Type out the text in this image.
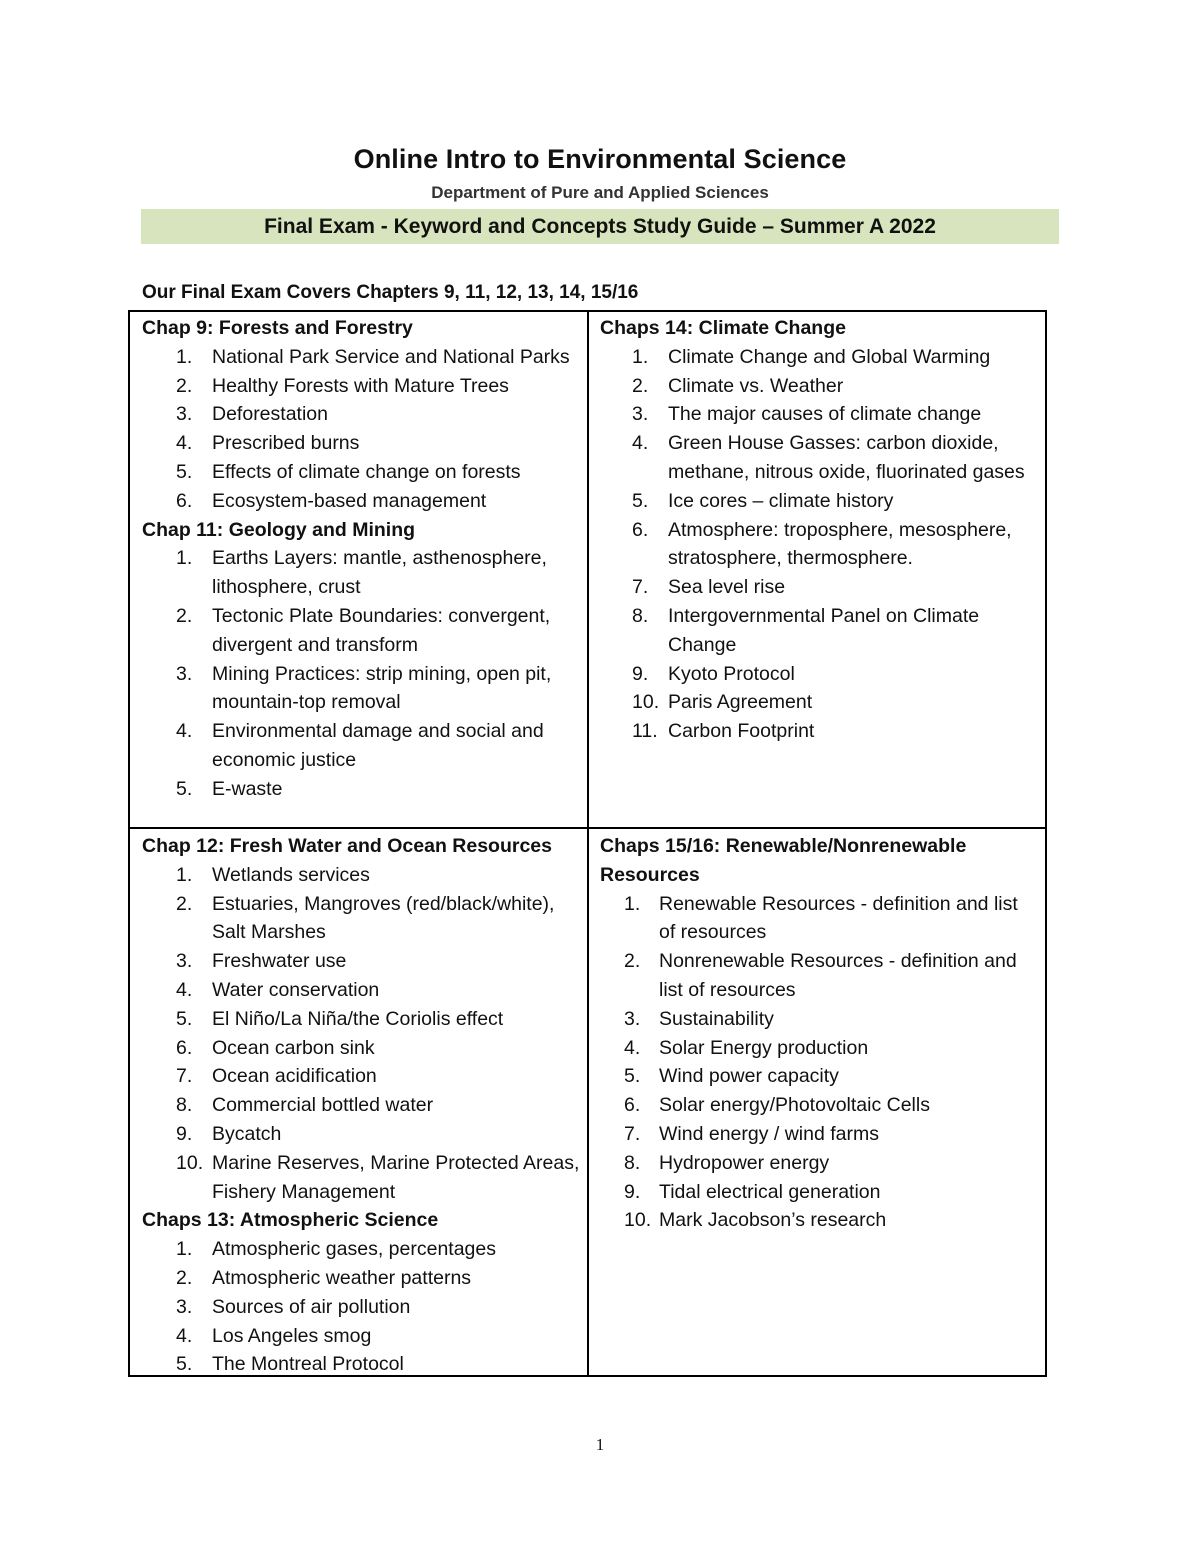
Online Intro to Environmental Science
Department of Pure and Applied Sciences
Final Exam - Keyword and Concepts Study Guide – Summer A 2022
Our Final Exam Covers Chapters 9, 11, 12, 13, 14, 15/16
Chap 9: Forests and Forestry
1.	National Park Service and National Parks
2.	Healthy Forests with Mature Trees
3.	Deforestation
4.	Prescribed burns
5.	Effects of climate change on forests
6.	Ecosystem-based management
Chap 11: Geology and Mining
1.	Earths Layers: mantle, asthenosphere, lithosphere, crust
2.	Tectonic Plate Boundaries: convergent, divergent and transform
3.	Mining Practices: strip mining, open pit, mountain-top removal
4.	Environmental damage and social and economic justice
5.	E-waste
Chaps 14: Climate Change
1.	Climate Change and Global Warming
2.	Climate vs. Weather
3.	The major causes of climate change
4.	Green House Gasses: carbon dioxide, methane, nitrous oxide, fluorinated gases
5.	Ice cores – climate history
6.	Atmosphere: troposphere, mesosphere, stratosphere, thermosphere.
7.	Sea level rise
8.	Intergovernmental Panel on Climate Change
9.	Kyoto Protocol
10. Paris Agreement
11. Carbon Footprint
Chap 12: Fresh Water and Ocean Resources
1.	Wetlands services
2.	Estuaries, Mangroves (red/black/white), Salt Marshes
3.	Freshwater use
4.	Water conservation
5.	El Niño/La Niña/the Coriolis effect
6.	Ocean carbon sink
7.	Ocean acidification
8.	Commercial bottled water
9.	Bycatch
10. Marine Reserves, Marine Protected Areas, Fishery Management
Chaps 13: Atmospheric Science
1.	Atmospheric gases, percentages
2.	Atmospheric weather patterns
3.	Sources of air pollution
4.	Los Angeles smog
5.	The Montreal Protocol
Chaps 15/16: Renewable/Nonrenewable Resources
1. Renewable Resources - definition and list of resources
2. Nonrenewable Resources - definition and list of resources
3. Sustainability
4. Solar Energy production
5. Wind power capacity
6. Solar energy/Photovoltaic Cells
7. Wind energy / wind farms
8. Hydropower energy
9. Tidal electrical generation
10. Mark Jacobson’s research
1
